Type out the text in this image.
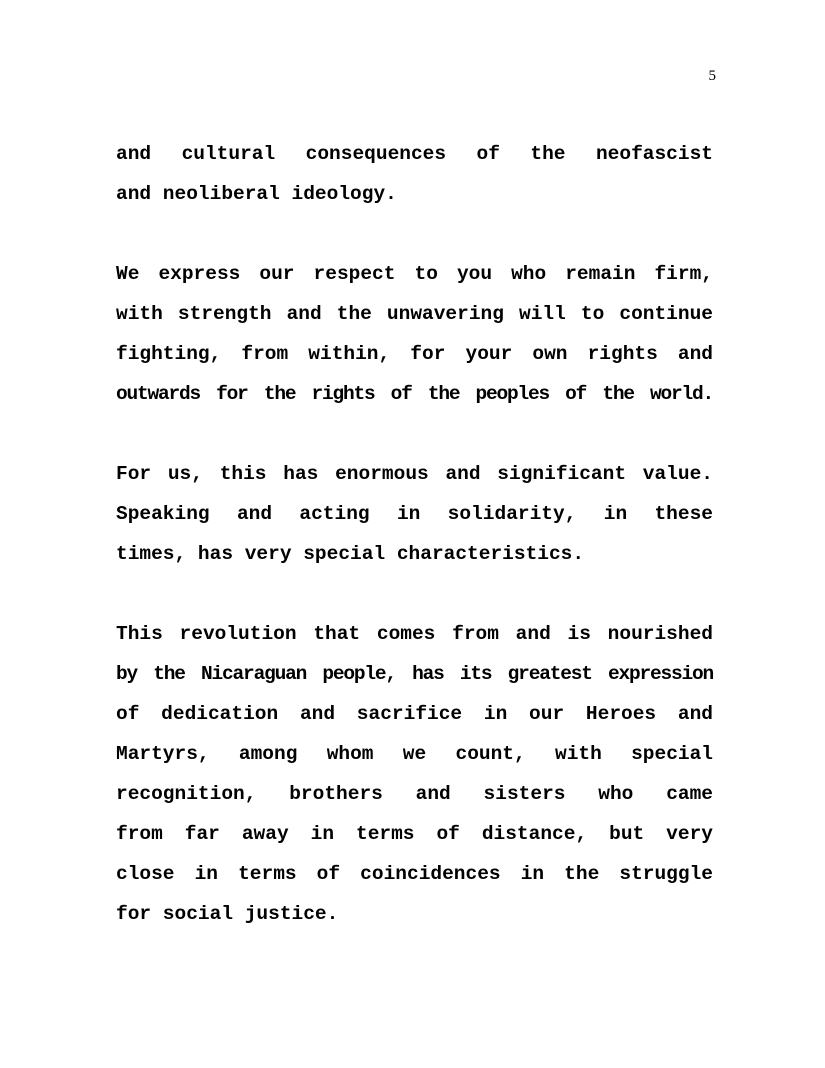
5
and cultural consequences of the neofascist
and neoliberal ideology.
We express our respect to you who remain firm,
with strength and the unwavering will to continue
fighting, from within, for your own rights and
outwards for the rights of the peoples of the world.
For us, this has enormous and significant value.
Speaking and acting in solidarity, in these
times, has very special characteristics.
This revolution that comes from and is nourished
by the Nicaraguan people, has its greatest expression
of dedication and sacrifice in our Heroes and
Martyrs, among whom we count, with special
recognition, brothers and sisters who came
from far away in terms of distance, but very
close in terms of coincidences in the struggle
for social justice.
